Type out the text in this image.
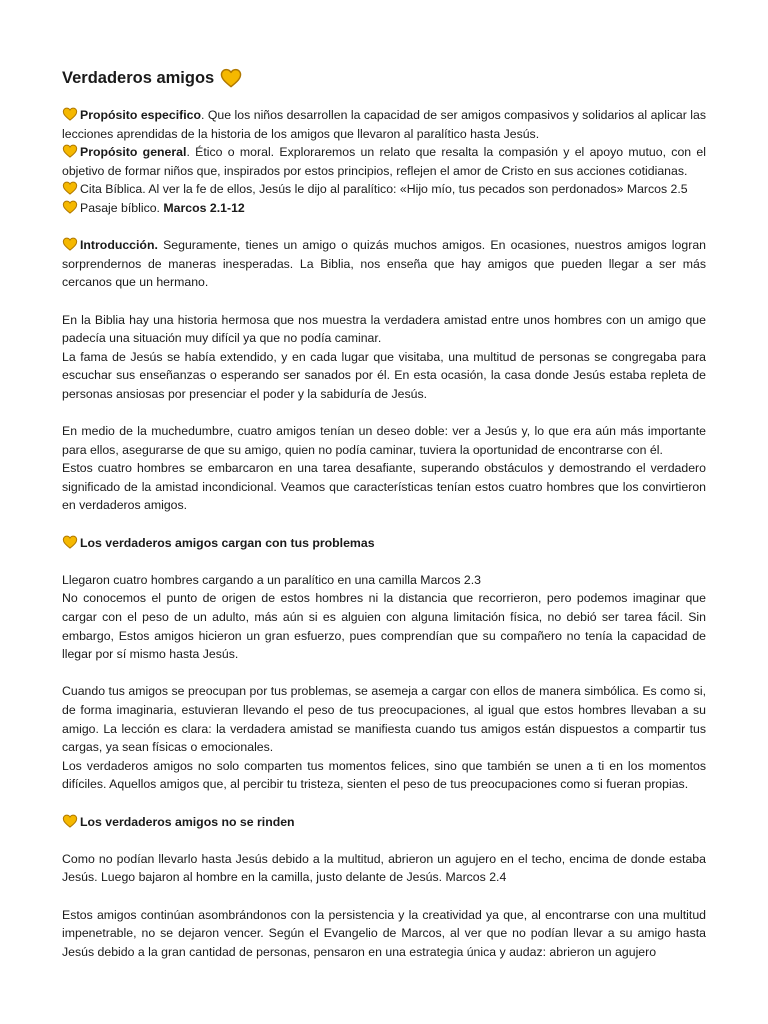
Verdaderos amigos

Propósito especifico. Que los niños desarrollen la capacidad de ser amigos compasivos y solidarios al aplicar las lecciones aprendidas de la historia de los amigos que llevaron al paralítico hasta Jesús.

Propósito general. Ético o moral. Exploraremos un relato que resalta la compasión y el apoyo mutuo, con el objetivo de formar niños que, inspirados por estos principios, reflejen el amor de Cristo en sus acciones cotidianas.

Cita Bíblica. Al ver la fe de ellos, Jesús le dijo al paralítico: «Hijo mío, tus pecados son perdonados» Marcos 2.5

Pasaje bíblico. Marcos 2.1-12

Introducción. Seguramente, tienes un amigo o quizás muchos amigos. En ocasiones, nuestros amigos logran sorprendernos de maneras inesperadas. La Biblia, nos enseña que hay amigos que pueden llegar a ser más cercanos que un hermano.

En la Biblia hay una historia hermosa que nos muestra la verdadera amistad entre unos hombres con un amigo que padecía una situación muy difícil ya que no podía caminar.

La fama de Jesús se había extendido, y en cada lugar que visitaba, una multitud de personas se congregaba para escuchar sus enseñanzas o esperando ser sanados por él. En esta ocasión, la casa donde Jesús estaba repleta de personas ansiosas por presenciar el poder y la sabiduría de Jesús.

En medio de la muchedumbre, cuatro amigos tenían un deseo doble: ver a Jesús y, lo que era aún más importante para ellos, asegurarse de que su amigo, quien no podía caminar, tuviera la oportunidad de encontrarse con él.

Estos cuatro hombres se embarcaron en una tarea desafiante, superando obstáculos y demostrando el verdadero significado de la amistad incondicional. Veamos que características tenían estos cuatro hombres que los convirtieron en verdaderos amigos.

Los verdaderos amigos cargan con tus problemas

Llegaron cuatro hombres cargando a un paralítico en una camilla Marcos 2.3

No conocemos el punto de origen de estos hombres ni la distancia que recorrieron, pero podemos imaginar que cargar con el peso de un adulto, más aún si es alguien con alguna limitación física, no debió ser tarea fácil. Sin embargo, Estos amigos hicieron un gran esfuerzo, pues comprendían que su compañero no tenía la capacidad de llegar por sí mismo hasta Jesús.

Cuando tus amigos se preocupan por tus problemas, se asemeja a cargar con ellos de manera simbólica. Es como si, de forma imaginaria, estuvieran llevando el peso de tus preocupaciones, al igual que estos hombres llevaban a su amigo. La lección es clara: la verdadera amistad se manifiesta cuando tus amigos están dispuestos a compartir tus cargas, ya sean físicas o emocionales.

Los verdaderos amigos no solo comparten tus momentos felices, sino que también se unen a ti en los momentos difíciles. Aquellos amigos que, al percibir tu tristeza, sienten el peso de tus preocupaciones como si fueran propias.

Los verdaderos amigos no se rinden

Como no podían llevarlo hasta Jesús debido a la multitud, abrieron un agujero en el techo, encima de donde estaba Jesús. Luego bajaron al hombre en la camilla, justo delante de Jesús. Marcos 2.4

Estos amigos continúan asombrándonos con la persistencia y la creatividad ya que, al encontrarse con una multitud impenetrable, no se dejaron vencer. Según el Evangelio de Marcos, al ver que no podían llevar a su amigo hasta Jesús debido a la gran cantidad de personas, pensaron en una estrategia única y audaz: abrieron un agujero
